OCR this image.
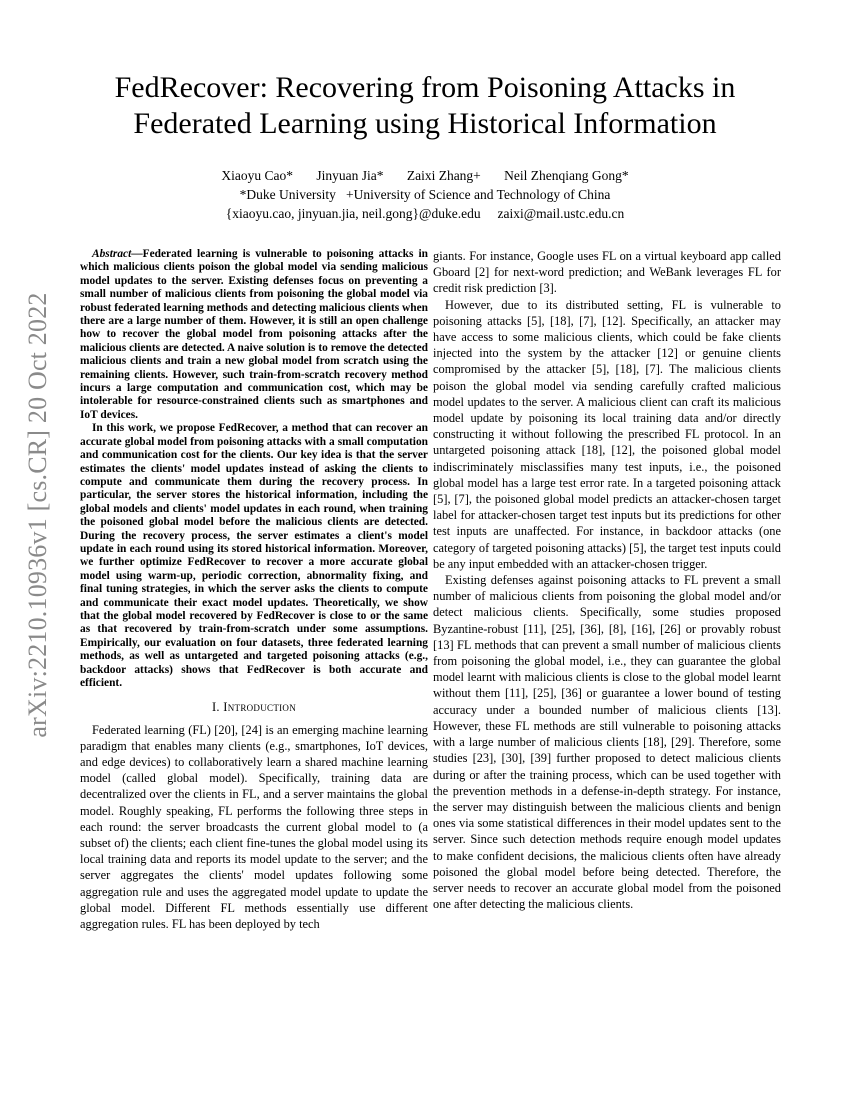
arXiv:2210.10936v1 [cs.CR] 20 Oct 2022
FedRecover: Recovering from Poisoning Attacks in
Federated Learning using Historical Information
Xiaoyu Cao* Jinyuan Jia* Zaixi Zhang+ Neil Zhenqiang Gong*
*Duke University   +University of Science and Technology of China
{xiaoyu.cao, jinyuan.jia, neil.gong}@duke.edu     zaixi@mail.ustc.edu.cn

Abstract—Federated learning is vulnerable to poisoning attacks in which malicious clients poison the global model via sending malicious model updates to the server. Existing defenses focus on preventing a small number of malicious clients from poisoning the global model via robust federated learning methods and detecting malicious clients when there are a large number of them. However, it is still an open challenge how to recover the global model from poisoning attacks after the malicious clients are detected. A naive solution is to remove the detected malicious clients and train a new global model from scratch using the remaining clients. However, such train-from-scratch recovery method incurs a large computation and communication cost, which may be intolerable for resource-constrained clients such as smartphones and IoT devices.

In this work, we propose FedRecover, a method that can recover an accurate global model from poisoning attacks with a small computation and communication cost for the clients. Our key idea is that the server estimates the clients' model updates instead of asking the clients to compute and communicate them during the recovery process. In particular, the server stores the historical information, including the global models and clients' model updates in each round, when training the poisoned global model before the malicious clients are detected. During the recovery process, the server estimates a client's model update in each round using its stored historical information. Moreover, we further optimize FedRecover to recover a more accurate global model using warm-up, periodic correction, abnormality fixing, and final tuning strategies, in which the server asks the clients to compute and communicate their exact model updates. Theoretically, we show that the global model recovered by FedRecover is close to or the same as that recovered by train-from-scratch under some assumptions. Empirically, our evaluation on four datasets, three federated learning methods, as well as untargeted and targeted poisoning attacks (e.g., backdoor attacks) shows that FedRecover is both accurate and efficient.

I. Introduction

Federated learning (FL) [20], [24] is an emerging machine learning paradigm that enables many clients (e.g., smartphones, IoT devices, and edge devices) to collaboratively learn a shared machine learning model (called global model). Specifically, training data are decentralized over the clients in FL, and a server maintains the global model. Roughly speaking, FL performs the following three steps in each round: the server broadcasts the current global model to (a subset of) the clients; each client fine-tunes the global model using its local training data and reports its model update to the server; and the server aggregates the clients' model updates following some aggregation rule and uses the aggregated model update to update the global model. Different FL methods essentially use different aggregation rules. FL has been deployed by tech

giants. For instance, Google uses FL on a virtual keyboard app called Gboard [2] for next-word prediction; and WeBank leverages FL for credit risk prediction [3].

However, due to its distributed setting, FL is vulnerable to poisoning attacks [5], [18], [7], [12]. Specifically, an attacker may have access to some malicious clients, which could be fake clients injected into the system by the attacker [12] or genuine clients compromised by the attacker [5], [18], [7]. The malicious clients poison the global model via sending carefully crafted malicious model updates to the server. A malicious client can craft its malicious model update by poisoning its local training data and/or directly constructing it without following the prescribed FL protocol. In an untargeted poisoning attack [18], [12], the poisoned global model indiscriminately misclassifies many test inputs, i.e., the poisoned global model has a large test error rate. In a targeted poisoning attack [5], [7], the poisoned global model predicts an attacker-chosen target label for attacker-chosen target test inputs but its predictions for other test inputs are unaffected. For instance, in backdoor attacks (one category of targeted poisoning attacks) [5], the target test inputs could be any input embedded with an attacker-chosen trigger.

Existing defenses against poisoning attacks to FL prevent a small number of malicious clients from poisoning the global model and/or detect malicious clients. Specifically, some studies proposed Byzantine-robust [11], [25], [36], [8], [16], [26] or provably robust [13] FL methods that can prevent a small number of malicious clients from poisoning the global model, i.e., they can guarantee the global model learnt with malicious clients is close to the global model learnt without them [11], [25], [36] or guarantee a lower bound of testing accuracy under a bounded number of malicious clients [13]. However, these FL methods are still vulnerable to poisoning attacks with a large number of malicious clients [18], [29]. Therefore, some studies [23], [30], [39] further proposed to detect malicious clients during or after the training process, which can be used together with the prevention methods in a defense-in-depth strategy. For instance, the server may distinguish between the malicious clients and benign ones via some statistical differences in their model updates sent to the server. Since such detection methods require enough model updates to make confident decisions, the malicious clients often have already poisoned the global model before being detected. Therefore, the server needs to recover an accurate global model from the poisoned one after detecting the malicious clients.
